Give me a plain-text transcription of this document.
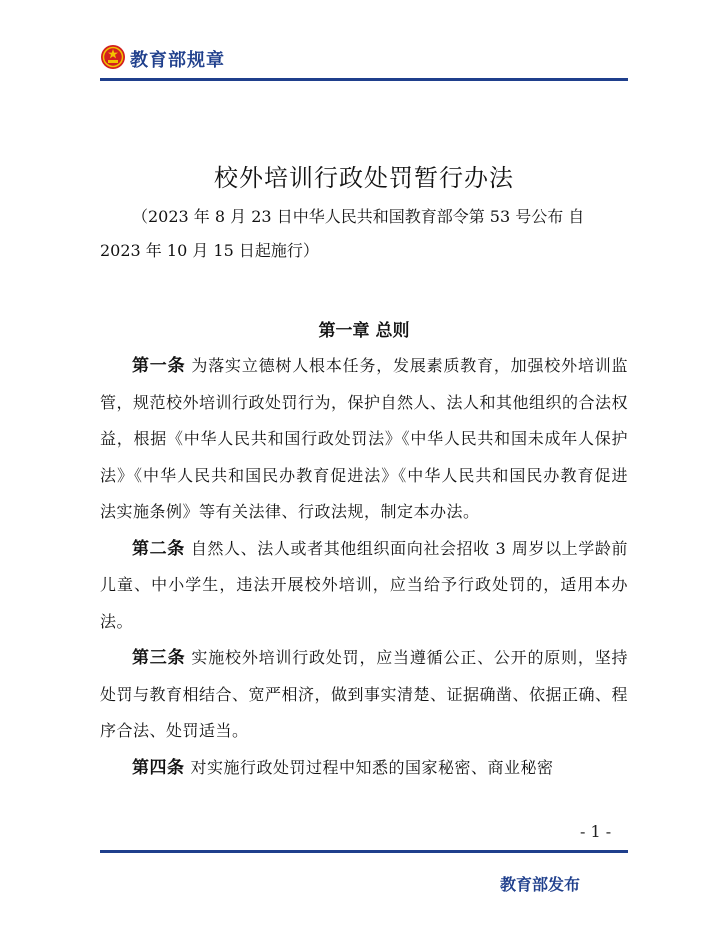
教育部规章
校外培训行政处罚暂行办法

（2023 年 8 月 23 日中华人民共和国教育部令第 53 号公布 自 2023 年 10 月 15 日起施行）

第一章 总则

第一条 为落实立德树人根本任务，发展素质教育，加强校外培训监管，规范校外培训行政处罚行为，保护自然人、法人和其他组织的合法权益，根据《中华人民共和国行政处罚法》《中华人民共和国未成年人保护法》《中华人民共和国民办教育促进法》《中华人民共和国民办教育促进法实施条例》等有关法律、行政法规，制定本办法。

第二条 自然人、法人或者其他组织面向社会招收 3 周岁以上学龄前儿童、中小学生，违法开展校外培训，应当给予行政处罚的，适用本办法。

第三条 实施校外培训行政处罚，应当遵循公正、公开的原则，坚持处罚与教育相结合、宽严相济，做到事实清楚、证据确凿、依据正确、程序合法、处罚适当。

第四条 对实施行政处罚过程中知悉的国家秘密、商业秘密

- 1 -
教育部发布
